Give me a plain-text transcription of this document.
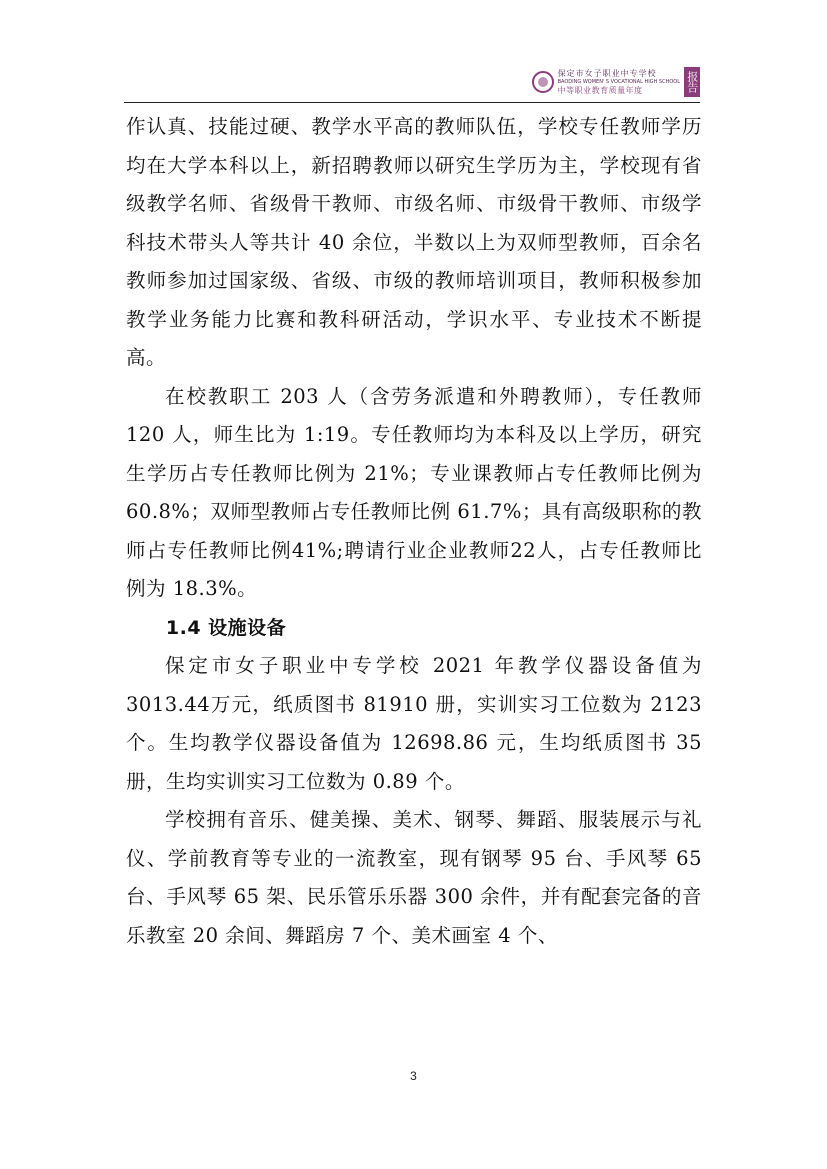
保定市女子职业中专学校
BAODING WOMEN' S VOCATIONAL HIGH SCHOOL
中等职业教育质量年度	报告

作认真、技能过硬、教学水平高的教师队伍，学校专任教师学历均在大学本科以上，新招聘教师以研究生学历为主，学校现有省级教学名师、省级骨干教师、市级名师、市级骨干教师、市级学科技术带头人等共计 40 余位，半数以上为双师型教师，百余名教师参加过国家级、省级、市级的教师培训项目，教师积极参加教学业务能力比赛和教科研活动，学识水平、专业技术不断提高。

在校教职工 203 人（含劳务派遣和外聘教师），专任教师 120 人，师生比为 1:19。专任教师均为本科及以上学历，研究生学历占专任教师比例为 21%；专业课教师占专任教师比例为 60.8%；双师型教师占专任教师比例 61.7%；具有高级职称的教师占专任教师比例41%;聘请行业企业教师22人，占专任教师比例为 18.3%。

1.4 设施设备

保定市女子职业中专学校 2021 年教学仪器设备值为3013.44万元，纸质图书 81910 册，实训实习工位数为 2123 个。生均教学仪器设备值为 12698.86 元，生均纸质图书 35 册，生均实训实习工位数为 0.89 个。

学校拥有音乐、健美操、美术、钢琴、舞蹈、服装展示与礼仪、学前教育等专业的一流教室，现有钢琴 95 台、手风琴 65 台、手风琴 65 架、民乐管乐乐器 300 余件，并有配套完备的音乐教室 20 余间、舞蹈房 7 个、美术画室 4 个、

3
